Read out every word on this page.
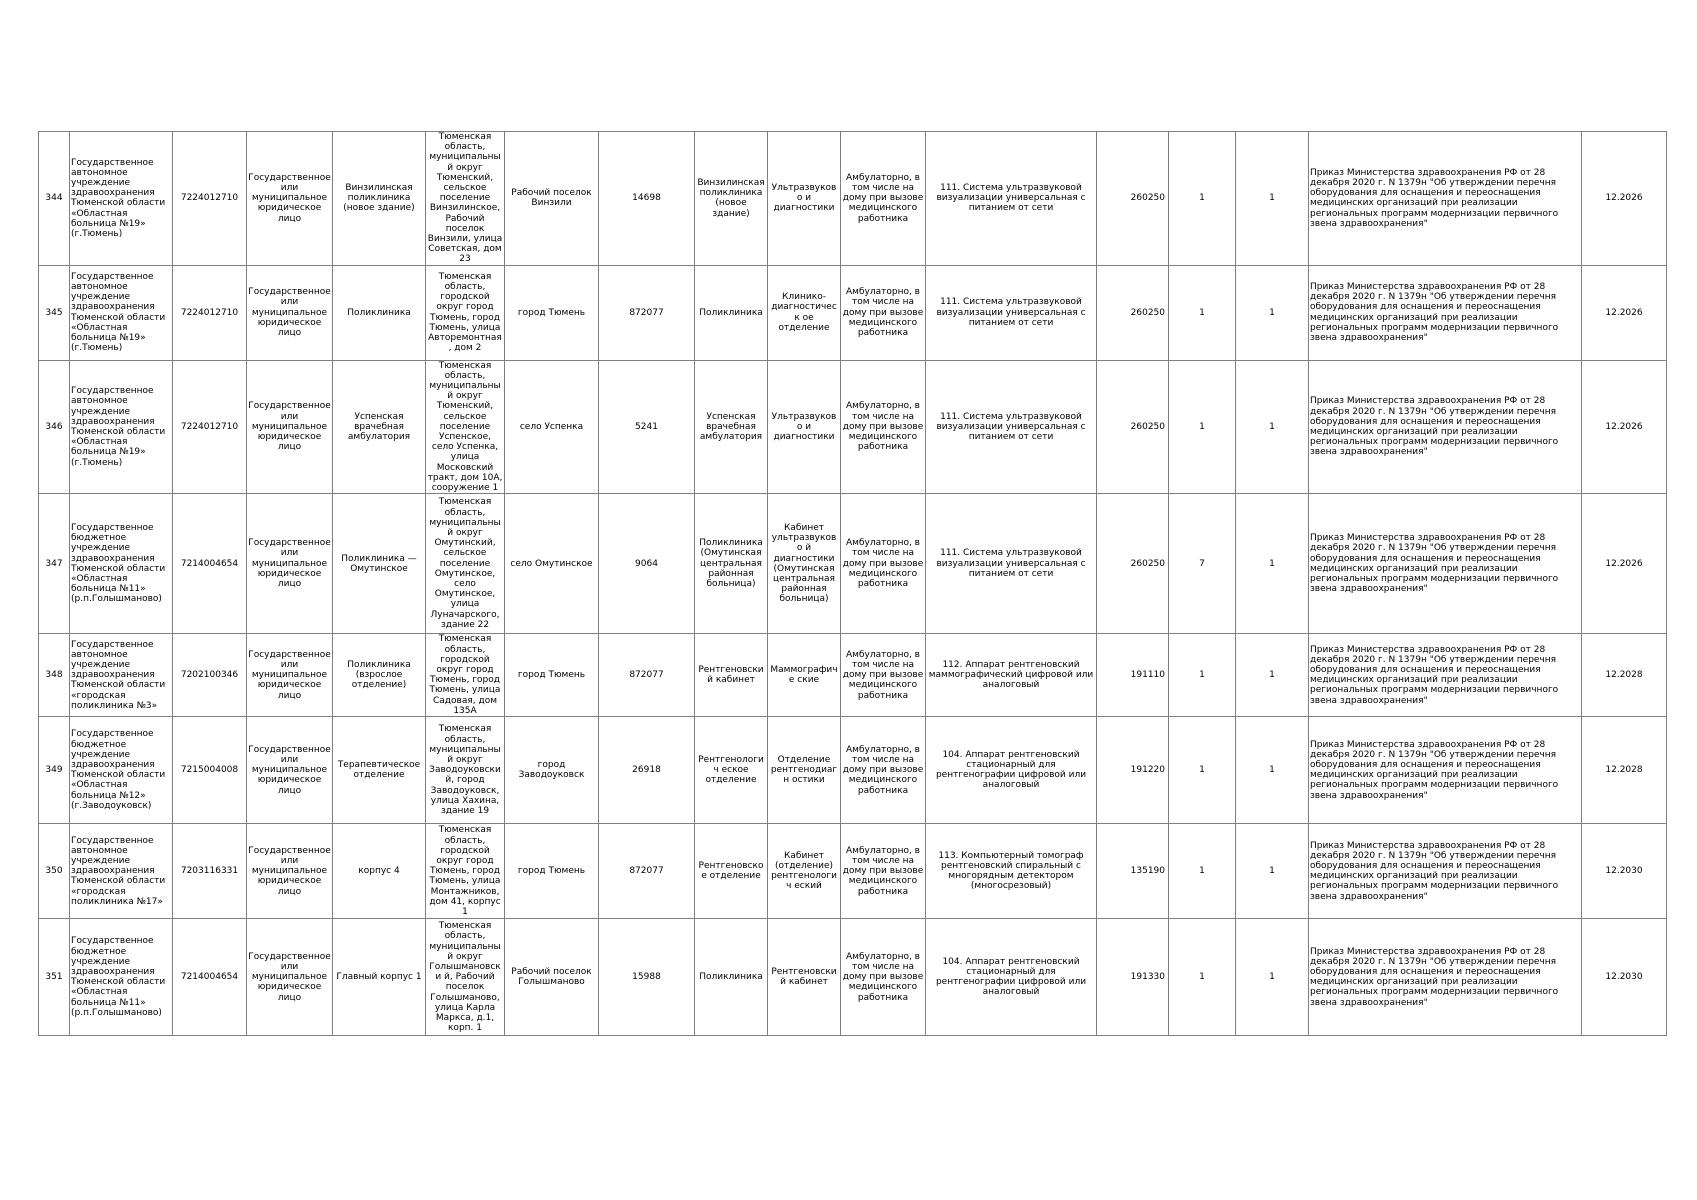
344	Государственное автономное учреждение здравоохранения Тюменской области «Областная больница №19» (г.Тюмень)	7224012710	Государственное или муниципальное юридическое лицо	Винзилинская поликлиника (новое здание)	Тюменская область, муниципальный округ Тюменский, сельское поселение Винзилинское, Рабочий поселок Винзили, улица Советская, дом 23	Рабочий поселок Винзили	14698	Винзилинская поликлиника (новое здание)	Ультразвуково и диагностики	Амбулаторно, в том числе на дому при вызове медицинского работника	111. Система ультразвуковой визуализации универсальная с питанием от сети	260250	1	1	Приказ Министерства здравоохранения РФ от 28 декабря 2020 г. N 1379н "Об утверждении перечня оборудования для оснащения и переоснащения медицинских организаций при реализации региональных программ модернизации первичного звена здравоохранения"	12.2026
345	Государственное автономное учреждение здравоохранения Тюменской области «Областная больница №19» (г.Тюмень)	7224012710	Государственное или муниципальное юридическое лицо	Поликлиника	Тюменская область, городской округ город Тюмень, город Тюмень, улица Авторемонтная, дом 2	город Тюмень	872077	Поликлиника	Клинико-диагностическ ое отделение	Амбулаторно, в том числе на дому при вызове медицинского работника	111. Система ультразвуковой визуализации универсальная с питанием от сети	260250	1	1	Приказ Министерства здравоохранения РФ от 28 декабря 2020 г. N 1379н "Об утверждении перечня оборудования для оснащения и переоснащения медицинских организаций при реализации региональных программ модернизации первичного звена здравоохранения"	12.2026
346	Государственное автономное учреждение здравоохранения Тюменской области «Областная больница №19» (г.Тюмень)	7224012710	Государственное или муниципальное юридическое лицо	Успенская врачебная амбулатория	Тюменская область, муниципальный округ Тюменский, сельское поселение Успенское, село Успенка, улица Московский тракт, дом 10А, сооружение 1	село Успенка	5241	Успенская врачебная амбулатория	Ультразвуково и диагностики	Амбулаторно, в том числе на дому при вызове медицинского работника	111. Система ультразвуковой визуализации универсальная с питанием от сети	260250	1	1	Приказ Министерства здравоохранения РФ от 28 декабря 2020 г. N 1379н "Об утверждении перечня оборудования для оснащения и переоснащения медицинских организаций при реализации региональных программ модернизации первичного звена здравоохранения"	12.2026
347	Государственное бюджетное учреждение здравоохранения Тюменской области «Областная больница №11» (р.п.Голышманово)	7214004654	Государственное или муниципальное юридическое лицо	Поликлиника — Омутинское	Тюменская область, муниципальный округ Омутинский, сельское поселение Омутинское, село Омутинское, улица Луначарского, здание 22	село Омутинское	9064	Поликлиника (Омутинская центральная районная больница)	Кабинет ультразвуково й диагностики (Омутинская центральная районная больница)	Амбулаторно, в том числе на дому при вызове медицинского работника	111. Система ультразвуковой визуализации универсальная с питанием от сети	260250	7	1	Приказ Министерства здравоохранения РФ от 28 декабря 2020 г. N 1379н "Об утверждении перечня оборудования для оснащения и переоснащения медицинских организаций при реализации региональных программ модернизации первичного звена здравоохранения"	12.2026
348	Государственное автономное учреждение здравоохранения Тюменской области «городская поликлиника №3»	7202100346	Государственное или муниципальное юридическое лицо	Поликлиника (взрослое отделение)	Тюменская область, городской округ город Тюмень, город Тюмень, улица Садовая, дом 135А	город Тюмень	872077	Рентгеновский кабинет	Маммографиче ские	Амбулаторно, в том числе на дому при вызове медицинского работника	112. Аппарат рентгеновский маммографический цифровой или аналоговый	191110	1	1	Приказ Министерства здравоохранения РФ от 28 декабря 2020 г. N 1379н "Об утверждении перечня оборудования для оснащения и переоснащения медицинских организаций при реализации региональных программ модернизации первичного звена здравоохранения"	12.2028
349	Государственное бюджетное учреждение здравоохранения Тюменской области «Областная больница №12» (г.Заводоуковск)	7215004008	Государственное или муниципальное юридическое лицо	Терапевтическое отделение	Тюменская область, муниципальный округ Заводоуковский, город Заводоуковск, улица Хахина, здание 19	город Заводоуковск	26918	Рентгенологич еское отделение	Отделение рентгенодиагн остики	Амбулаторно, в том числе на дому при вызове медицинского работника	104. Аппарат рентгеновский стационарный для рентгенографии цифровой или аналоговый	191220	1	1	Приказ Министерства здравоохранения РФ от 28 декабря 2020 г. N 1379н "Об утверждении перечня оборудования для оснащения и переоснащения медицинских организаций при реализации региональных программ модернизации первичного звена здравоохранения"	12.2028
350	Государственное автономное учреждение здравоохранения Тюменской области «городская поликлиника №17»	7203116331	Государственное или муниципальное юридическое лицо	корпус 4	Тюменская область, городской округ город Тюмень, город Тюмень, улица Монтажников, дом 41, корпус 1	город Тюмень	872077	Рентгеновское отделение	Кабинет (отделение) рентгенологич еский	Амбулаторно, в том числе на дому при вызове медицинского работника	113. Компьютерный томограф рентгеновский спиральный с многорядным детектором (многосрезовый)	135190	1	1	Приказ Министерства здравоохранения РФ от 28 декабря 2020 г. N 1379н "Об утверждении перечня оборудования для оснащения и переоснащения медицинских организаций при реализации региональных программ модернизации первичного звена здравоохранения"	12.2030
351	Государственное бюджетное учреждение здравоохранения Тюменской области «Областная больница №11» (р.п.Голышманово)	7214004654	Государственное или муниципальное юридическое лицо	Главный корпус 1	Тюменская область, муниципальный округ Голышмановски й, Рабочий поселок Голышманово, улица Карла Маркса, д.1, корп. 1	Рабочий поселок Голышманово	15988	Поликлиника	Рентгеновский кабинет	Амбулаторно, в том числе на дому при вызове медицинского работника	104. Аппарат рентгеновский стационарный для рентгенографии цифровой или аналоговый	191330	1	1	Приказ Министерства здравоохранения РФ от 28 декабря 2020 г. N 1379н "Об утверждении перечня оборудования для оснащения и переоснащения медицинских организаций при реализации региональных программ модернизации первичного звена здравоохранения"	12.2030
